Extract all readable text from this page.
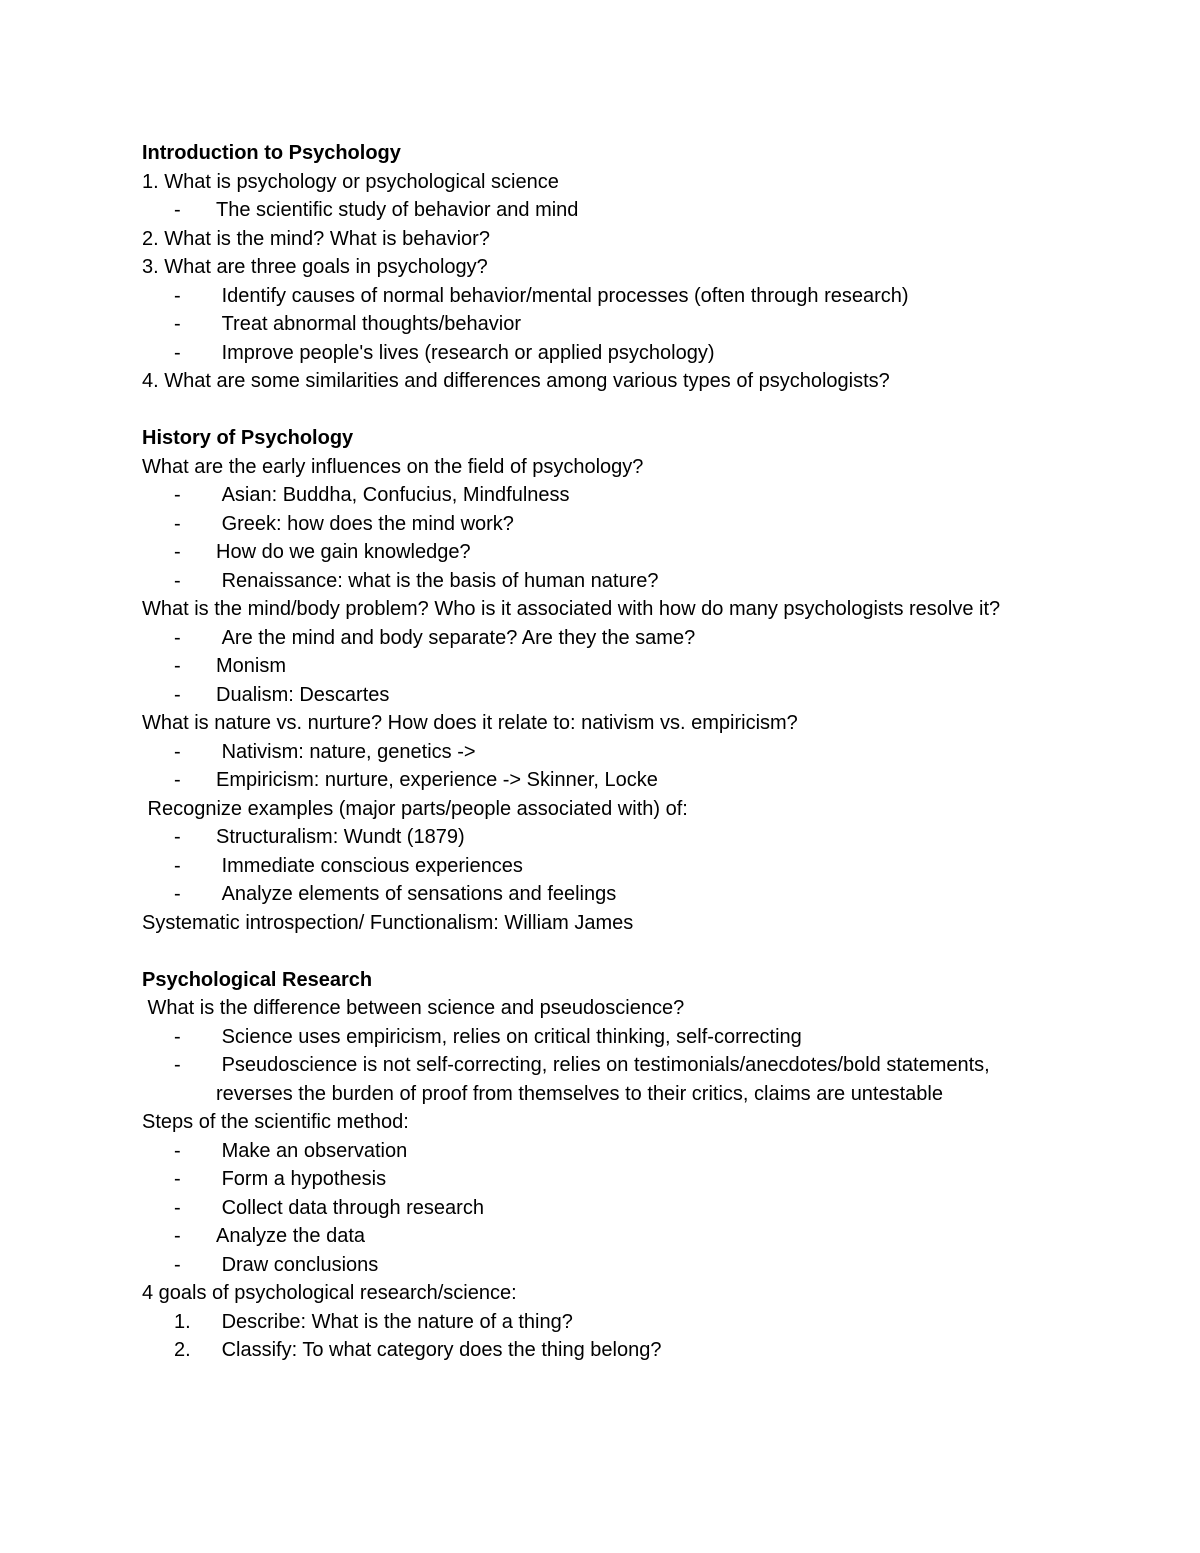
Introduction to Psychology
1. What is psychology or psychological science
-	The scientific study of behavior and mind
2. What is the mind? What is behavior?
3. What are three goals in psychology?
-	Identify causes of normal behavior/mental processes (often through research)
-	Treat abnormal thoughts/behavior
-	Improve people's lives (research or applied psychology)
4. What are some similarities and differences among various types of psychologists?
History of Psychology
What are the early influences on the field of psychology?
-	Asian: Buddha, Confucius, Mindfulness
-	Greek: how does the mind work?
-	How do we gain knowledge?
-	Renaissance: what is the basis of human nature?
What is the mind/body problem? Who is it associated with how do many psychologists resolve it?
-	Are the mind and body separate? Are they the same?
-	Monism
-	Dualism: Descartes
What is nature vs. nurture? How does it relate to: nativism vs. empiricism?
-	Nativism: nature, genetics ->
-	Empiricism: nurture, experience -> Skinner, Locke
Recognize examples (major parts/people associated with) of:
-	Structuralism: Wundt (1879)
-	Immediate conscious experiences
-	Analyze elements of sensations and feelings
Systematic introspection/ Functionalism: William James
Psychological Research
What is the difference between science and pseudoscience?
-	Science uses empiricism, relies on critical thinking, self-correcting
-	Pseudoscience is not self-correcting, relies on testimonials/anecdotes/bold statements, reverses the burden of proof from themselves to their critics, claims are untestable
Steps of the scientific method:
-	Make an observation
-	Form a hypothesis
-	Collect data through research
-	Analyze the data
-	Draw conclusions
4 goals of psychological research/science:
1.	Describe: What is the nature of a thing?
2.	Classify: To what category does the thing belong?
